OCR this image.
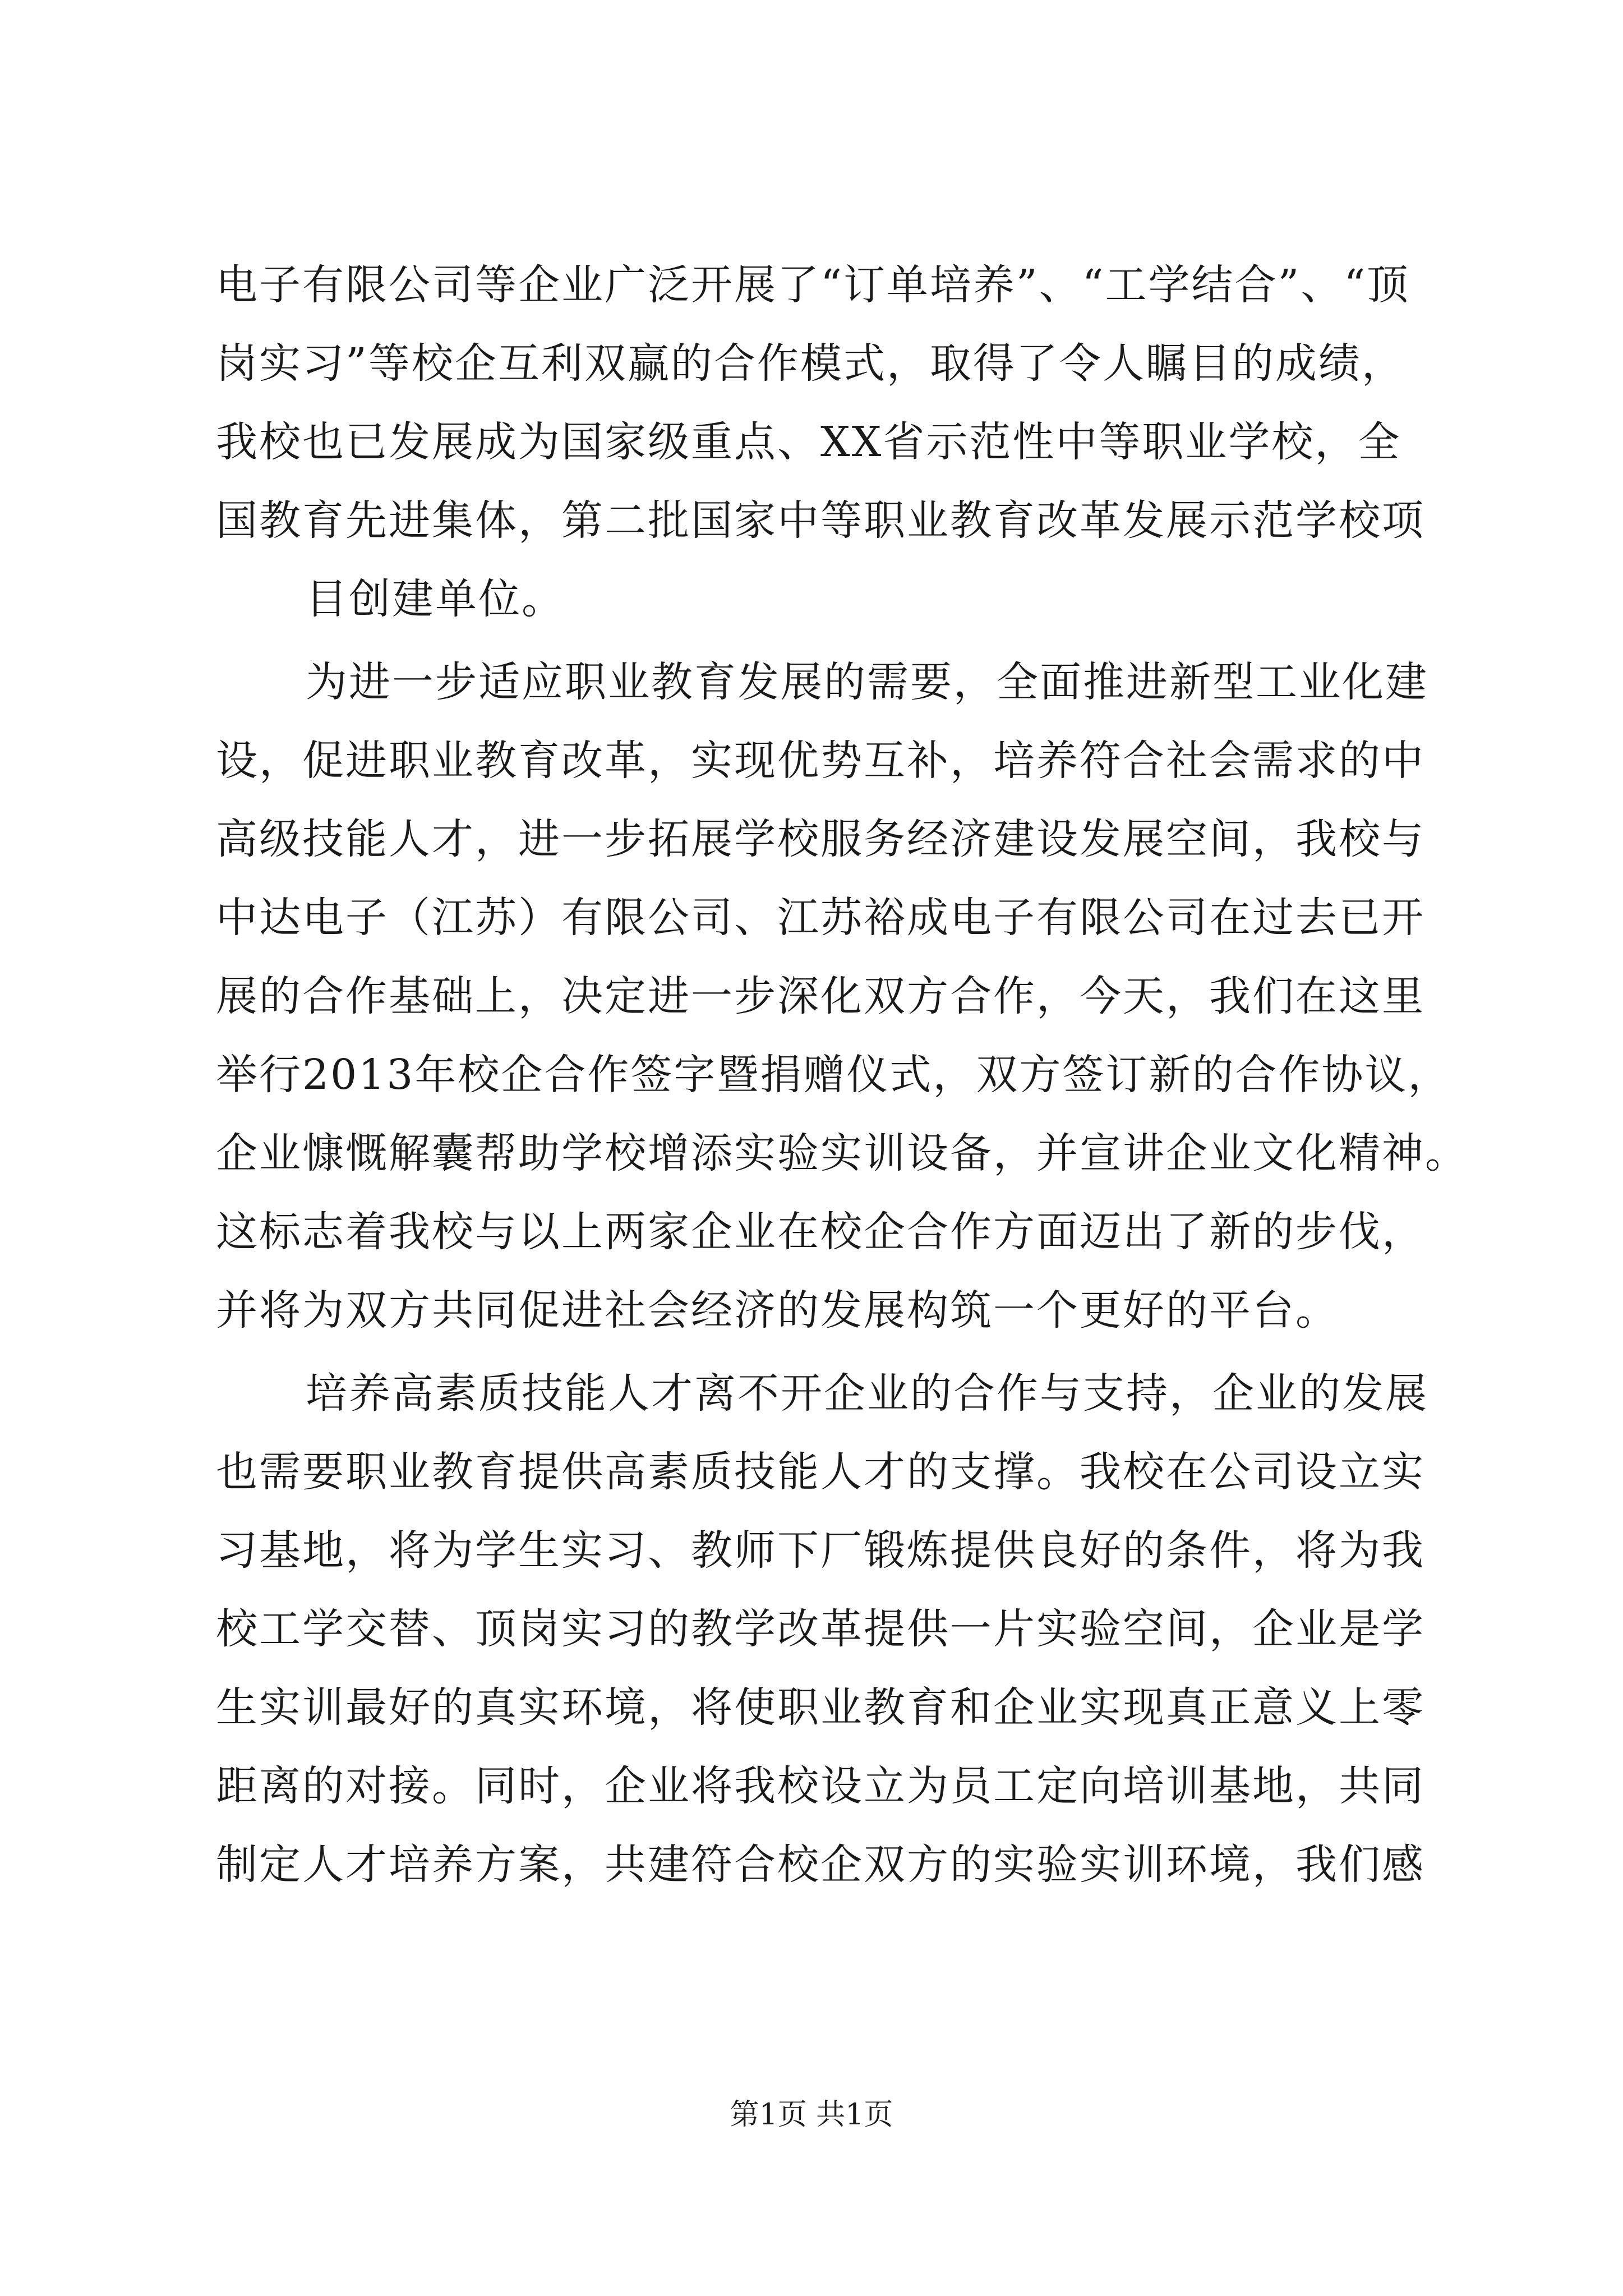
电子有限公司等企业广泛开展了“订单培养”、“工学结合”、“顶
岗实习”等校企互利双赢的合作模式，取得了令人瞩目的成绩，
我校也已发展成为国家级重点、XX省示范性中等职业学校，全
国教育先进集体，第二批国家中等职业教育改革发展示范学校项
目创建单位。
为进一步适应职业教育发展的需要，全面推进新型工业化建
设，促进职业教育改革，实现优势互补，培养符合社会需求的中
高级技能人才，进一步拓展学校服务经济建设发展空间，我校与
中达电子（江苏）有限公司、江苏裕成电子有限公司在过去已开
展的合作基础上，决定进一步深化双方合作，今天，我们在这里
举行2013年校企合作签字暨捐赠仪式，双方签订新的合作协议，
企业慷慨解囊帮助学校增添实验实训设备，并宣讲企业文化精神。
这标志着我校与以上两家企业在校企合作方面迈出了新的步伐，
并将为双方共同促进社会经济的发展构筑一个更好的平台。
培养高素质技能人才离不开企业的合作与支持，企业的发展
也需要职业教育提供高素质技能人才的支撑。我校在公司设立实
习基地，将为学生实习、教师下厂锻炼提供良好的条件，将为我
校工学交替、顶岗实习的教学改革提供一片实验空间，企业是学
生实训最好的真实环境，将使职业教育和企业实现真正意义上零
距离的对接。同时，企业将我校设立为员工定向培训基地，共同
制定人才培养方案，共建符合校企双方的实验实训环境，我们感
第1页 共1页
